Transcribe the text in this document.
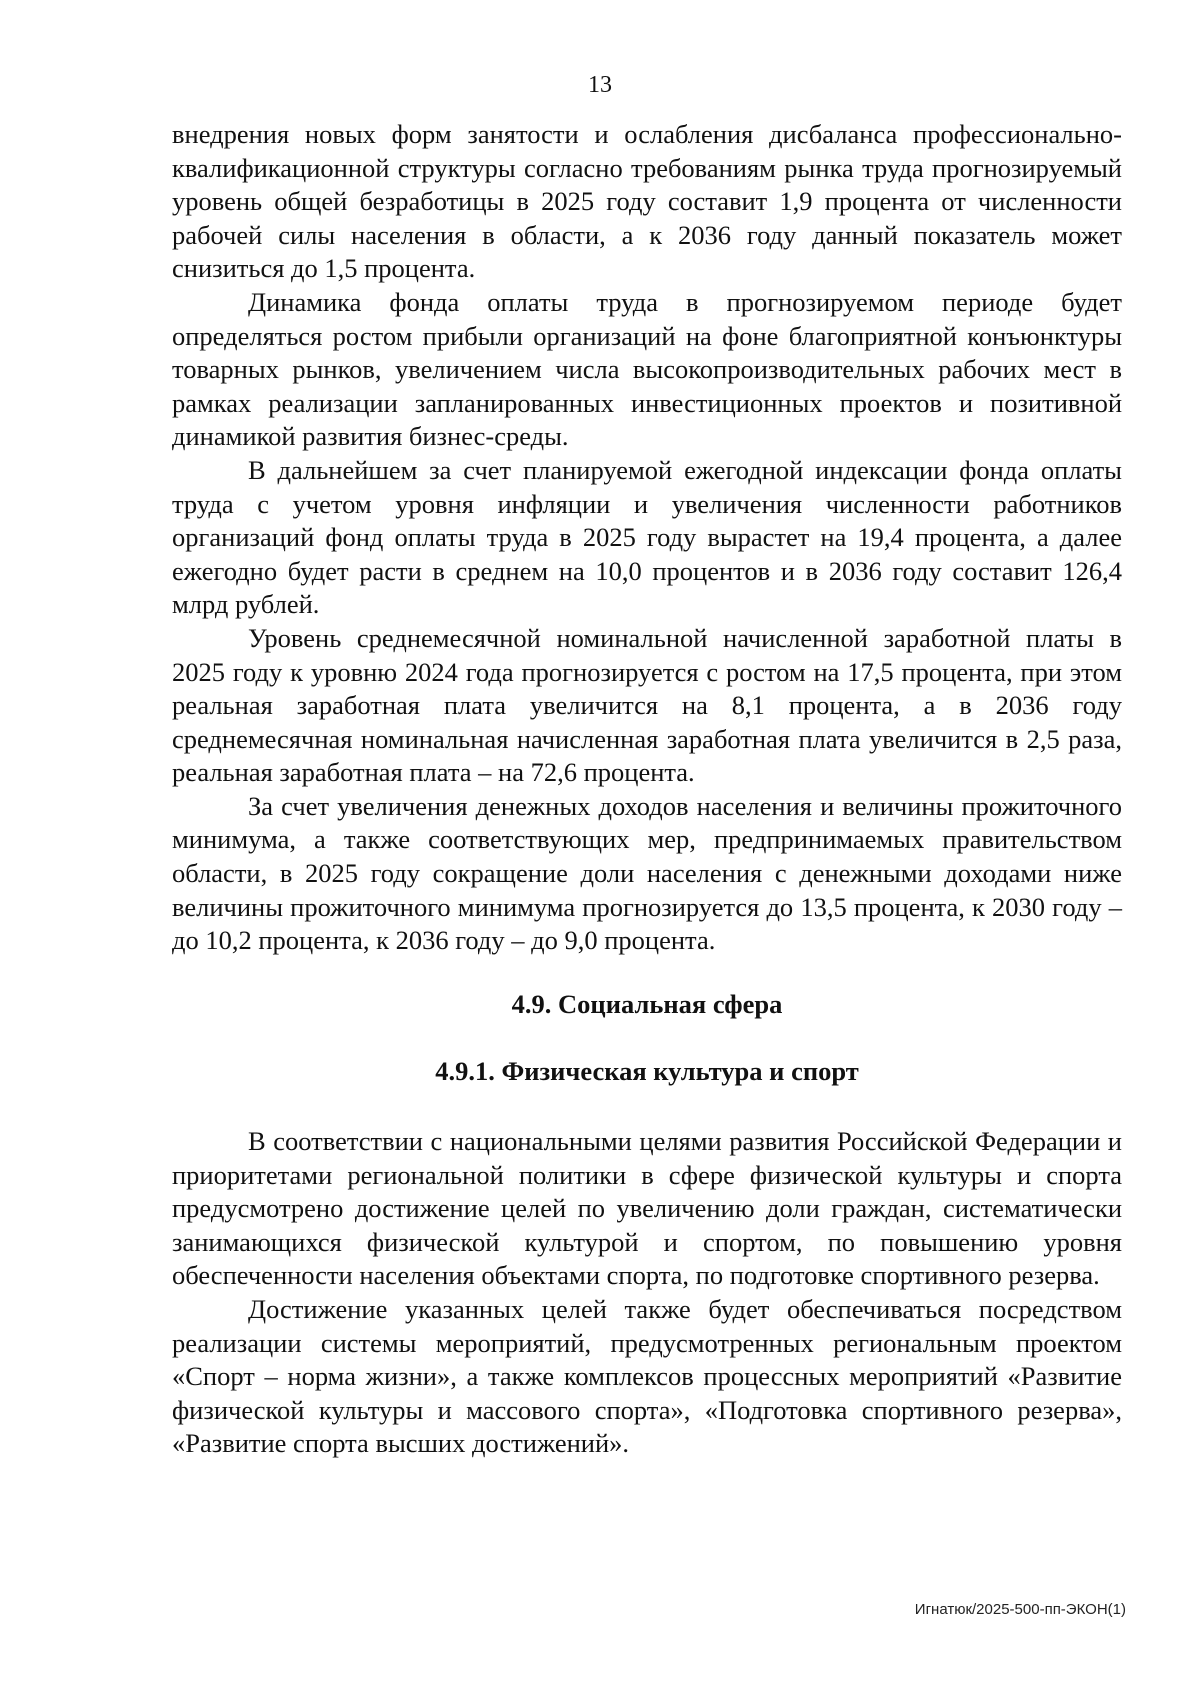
13

внедрения новых форм занятости и ослабления дисбаланса профессионально-квалификационной структуры согласно требованиям рынка труда прогнозируемый уровень общей безработицы в 2025 году составит 1,9 процента от численности рабочей силы населения в области, а к 2036 году данный показатель может снизиться до 1,5 процента.

Динамика фонда оплаты труда в прогнозируемом периоде будет определяться ростом прибыли организаций на фоне благоприятной конъюнктуры товарных рынков, увеличением числа высокопроизводительных рабочих мест в рамках реализации запланированных инвестиционных проектов и позитивной динамикой развития бизнес-среды.

В дальнейшем за счет планируемой ежегодной индексации фонда оплаты труда с учетом уровня инфляции и увеличения численности работников организаций фонд оплаты труда в 2025 году вырастет на 19,4 процента, а далее ежегодно будет расти в среднем на 10,0 процентов и в 2036 году составит 126,4 млрд рублей.

Уровень среднемесячной номинальной начисленной заработной платы в 2025 году к уровню 2024 года прогнозируется с ростом на 17,5 процента, при этом реальная заработная плата увеличится на 8,1 процента, а в 2036 году среднемесячная номинальная начисленная заработная плата увеличится в 2,5 раза, реальная заработная плата – на 72,6 процента.

За счет увеличения денежных доходов населения и величины прожиточного минимума, а также соответствующих мер, предпринимаемых правительством области, в 2025 году сокращение доли населения с денежными доходами ниже величины прожиточного минимума прогнозируется до 13,5 процента, к 2030 году – до 10,2 процента, к 2036 году – до 9,0 процента.

4.9. Социальная сфера
4.9.1. Физическая культура и спорт

В соответствии с национальными целями развития Российской Федерации и приоритетами региональной политики в сфере физической культуры и спорта предусмотрено достижение целей по увеличению доли граждан, систематически занимающихся физической культурой и спортом, по повышению уровня обеспеченности населения объектами спорта, по подготовке спортивного резерва.

Достижение указанных целей также будет обеспечиваться посредством реализации системы мероприятий, предусмотренных региональным проектом «Спорт – норма жизни», а также комплексов процессных мероприятий «Развитие физической культуры и массового спорта», «Подготовка спортивного резерва», «Развитие спорта высших достижений».

Игнатюк/2025-500-пп-ЭКОН(1)
